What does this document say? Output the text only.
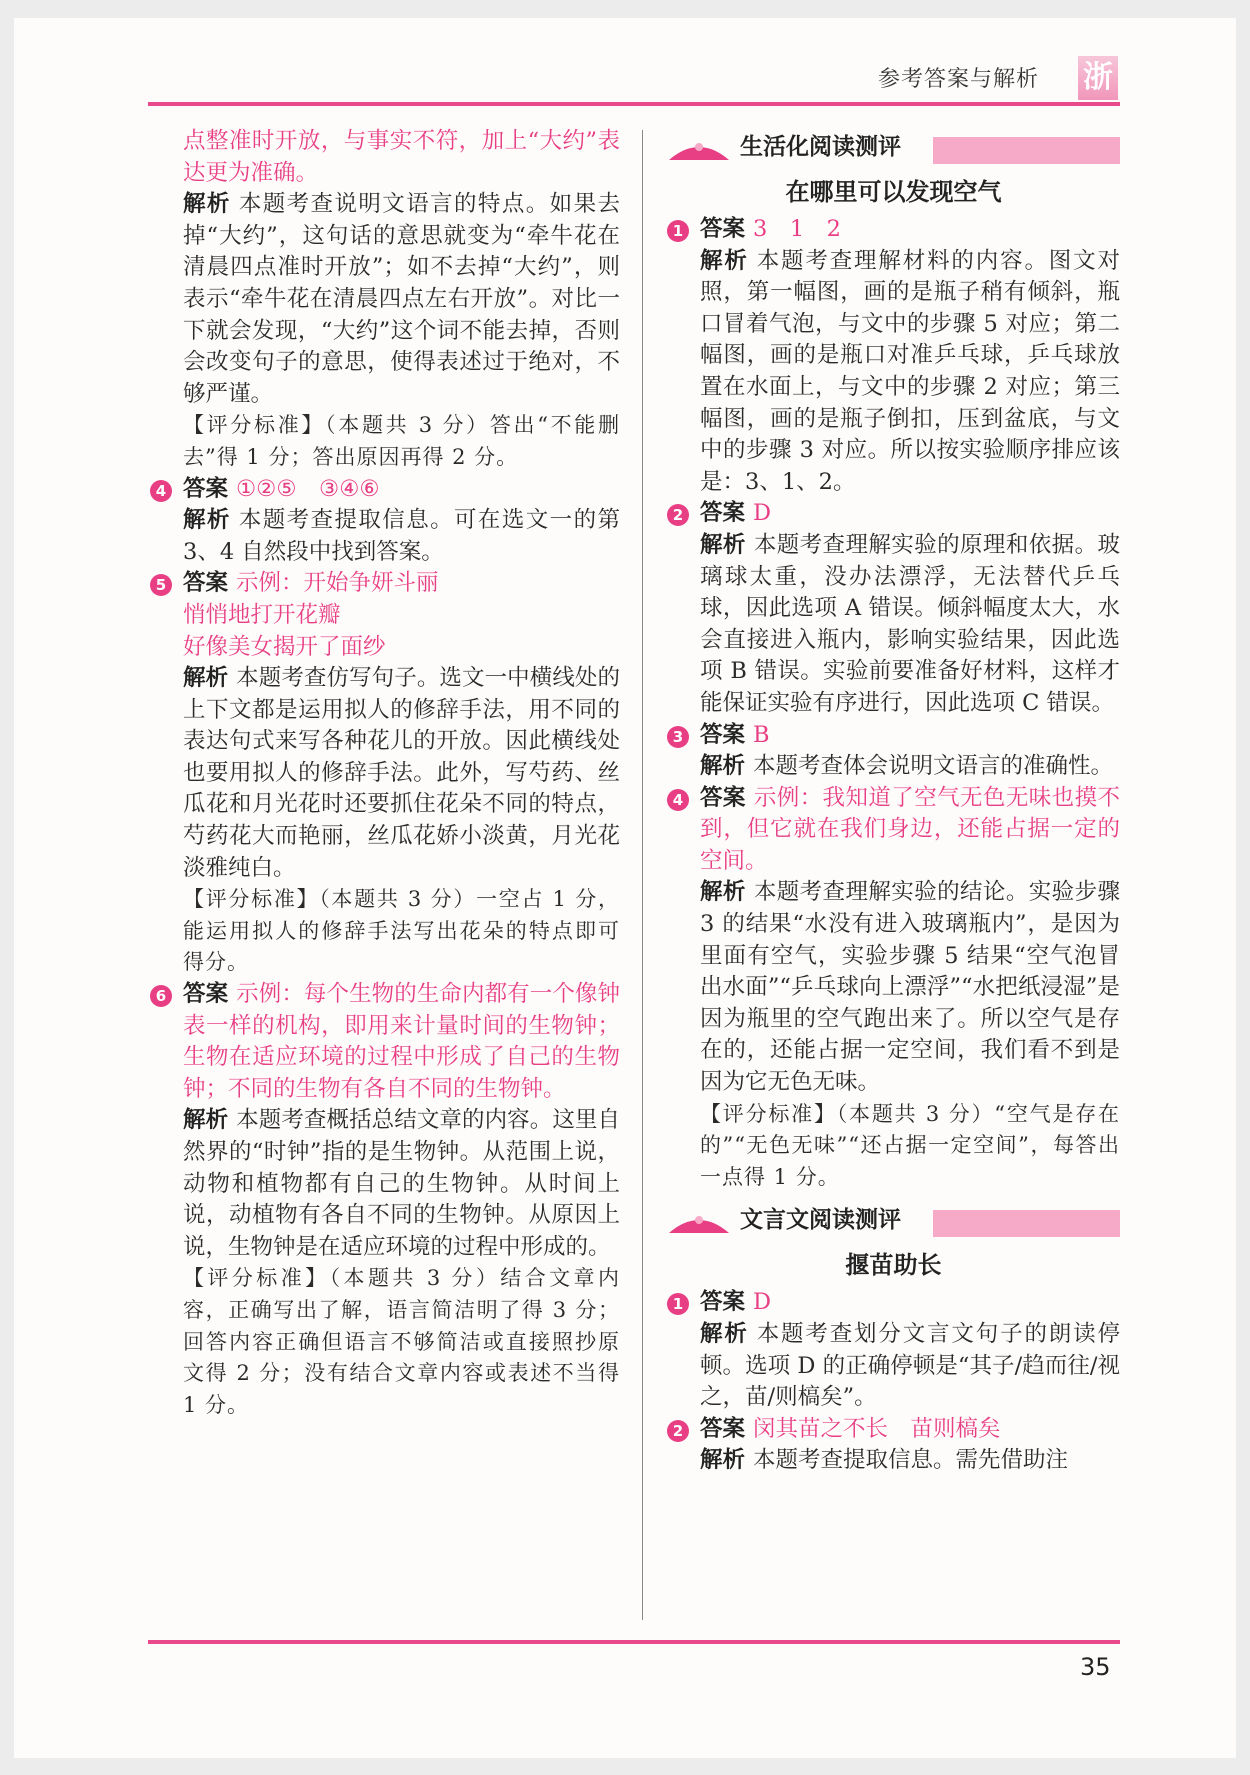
参考答案与解析 浙

点整准时开放，与事实不符，加上“大约”表达更为准确。

解析 本题考查说明文语言的特点。如果去掉“大约”，这句话的意思就变为“牵牛花在清晨四点准时开放”；如不去掉“大约”，则表示“牵牛花在清晨四点左右开放”。对比一下就会发现，“大约”这个词不能去掉，否则会改变句子的意思，使得表述过于绝对，不够严谨。

【评分标准】（本题共 3 分）答出“不能删去”得 1 分；答出原因再得 2 分。

4 答案 ①②⑤　③④⑥

解析 本题考查提取信息。可在选文一的第 3、4 自然段中找到答案。

5 答案 示例：开始争妍斗丽

悄悄地打开花瓣

好像美女揭开了面纱

解析 本题考查仿写句子。选文一中横线处的上下文都是运用拟人的修辞手法，用不同的表达句式来写各种花儿的开放。因此横线处也要用拟人的修辞手法。此外，写芍药、丝瓜花和月光花时还要抓住花朵不同的特点，芍药花大而艳丽，丝瓜花娇小淡黄，月光花淡雅纯白。

【评分标准】（本题共 3 分）一空占 1 分，能运用拟人的修辞手法写出花朵的特点即可得分。

6 答案 示例：每个生物的生命内都有一个像钟表一样的机构，即用来计量时间的生物钟；生物在适应环境的过程中形成了自己的生物钟；不同的生物有各自不同的生物钟。

解析 本题考查概括总结文章的内容。这里自然界的“时钟”指的是生物钟。从范围上说，动物和植物都有自己的生物钟。从时间上说，动植物有各自不同的生物钟。从原因上说，生物钟是在适应环境的过程中形成的。

【评分标准】（本题共 3 分）结合文章内容，正确写出了解，语言简洁明了得 3 分；回答内容正确但语言不够简洁或直接照抄原文得 2 分；没有结合文章内容或表述不当得 1 分。

生活化阅读测评
在哪里可以发现空气
1 答案 3　1　2

解析 本题考查理解材料的内容。图文对照，第一幅图，画的是瓶子稍有倾斜，瓶口冒着气泡，与文中的步骤 5 对应；第二幅图，画的是瓶口对准乒乓球，乒乓球放置在水面上，与文中的步骤 2 对应；第三幅图，画的是瓶子倒扣，压到盆底，与文中的步骤 3 对应。所以按实验顺序排应该是：3、1、2。

2 答案 D

解析 本题考查理解实验的原理和依据。玻璃球太重，没办法漂浮，无法替代乒乓球，因此选项 A 错误。倾斜幅度太大，水会直接进入瓶内，影响实验结果，因此选项 B 错误。实验前要准备好材料，这样才能保证实验有序进行，因此选项 C 错误。

3 答案 B

解析 本题考查体会说明文语言的准确性。

4 答案 示例：我知道了空气无色无味也摸不到，但它就在我们身边，还能占据一定的空间。

解析 本题考查理解实验的结论。实验步骤 3 的结果“水没有进入玻璃瓶内”，是因为里面有空气，实验步骤 5 结果“空气泡冒出水面”“乒乓球向上漂浮”“水把纸浸湿”是因为瓶里的空气跑出来了。所以空气是存在的，还能占据一定空间，我们看不到是因为它无色无味。

【评分标准】（本题共 3 分）“空气是存在的”“无色无味”“还占据一定空间”，每答出一点得 1 分。

文言文阅读测评
揠苗助长
1 答案 D

解析 本题考查划分文言文句子的朗读停顿。选项 D 的正确停顿是“其子/趋而往/视之，苗/则槁矣”。

2 答案 闵其苗之不长　苗则槁矣

解析 本题考查提取信息。需先借助注

35
